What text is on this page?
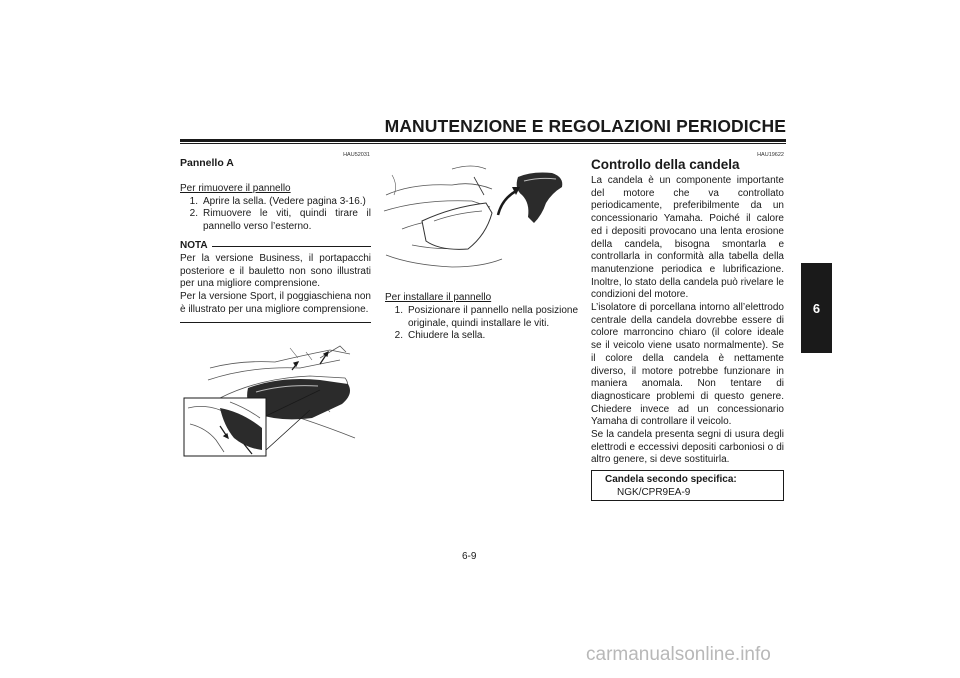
MANUTENZIONE E REGOLAZIONI PERIODICHE
HAU52031
Pannello A
Per rimuovere il pannello
1. Aprire la sella. (Vedere pagina 3-16.)
2. Rimuovere le viti, quindi tirare il pannello verso l’esterno.
NOTA
Per la versione Business, il portapacchi posteriore e il bauletto non sono illustrati per una migliore comprensione.
Per la versione Sport, il poggiaschiena non è illustrato per una migliore comprensione.
Per installare il pannello
1. Posizionare il pannello nella posizione originale, quindi installare le viti.
2. Chiudere la sella.
HAU19622
Controllo della candela
La candela è un componente importante del motore che va controllato periodicamente, preferibilmente da un concessionario Yamaha. Poiché il calore ed i depositi provocano una lenta erosione della candela, bisogna smontarla e controllarla in conformità alla tabella della manutenzione periodica e lubrificazione. Inoltre, lo stato della candela può rivelare le condizioni del motore.
L’isolatore di porcellana intorno all’elettrodo centrale della candela dovrebbe essere di colore marroncino chiaro (il colore ideale se il veicolo viene usato normalmente). Se il colore della candela è nettamente diverso, il motore potrebbe funzionare in maniera anomala. Non tentare di diagnosticare problemi di questo genere. Chiedere invece ad un concessionario Yamaha di controllare il veicolo.
Se la candela presenta segni di usura degli elettrodi e eccessivi depositi carboniosi o di altro genere, si deve sostituirla.
Candela secondo specifica:
NGK/CPR9EA-9
6
6-9
carmanualsonline.info
